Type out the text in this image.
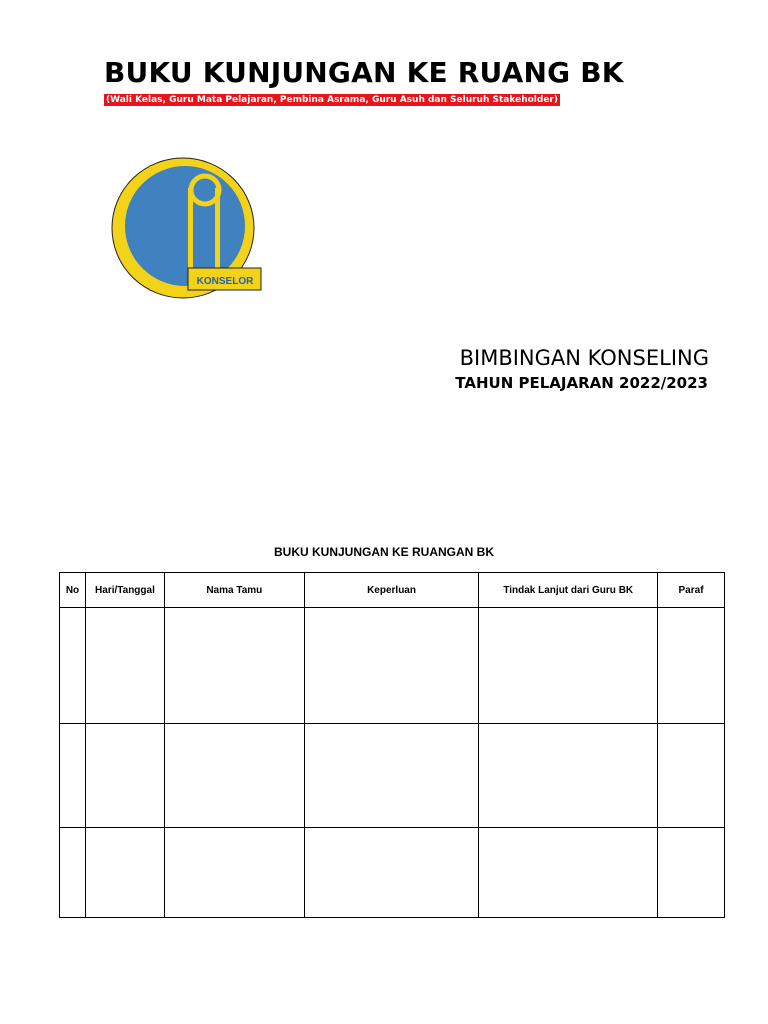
BUKU KUNJUNGAN KE RUANG BK
(Wali Kelas, Guru Mata Pelajaran, Pembina Asrama, Guru Asuh dan Seluruh Stakeholder)
KONSELOR
BIMBINGAN KONSELING
TAHUN PELAJARAN 2022/2023
BUKU KUNJUNGAN KE RUANGAN BK
No	Hari/Tanggal	Nama Tamu	Keperluan	Tindak Lanjut dari Guru BK	Paraf
